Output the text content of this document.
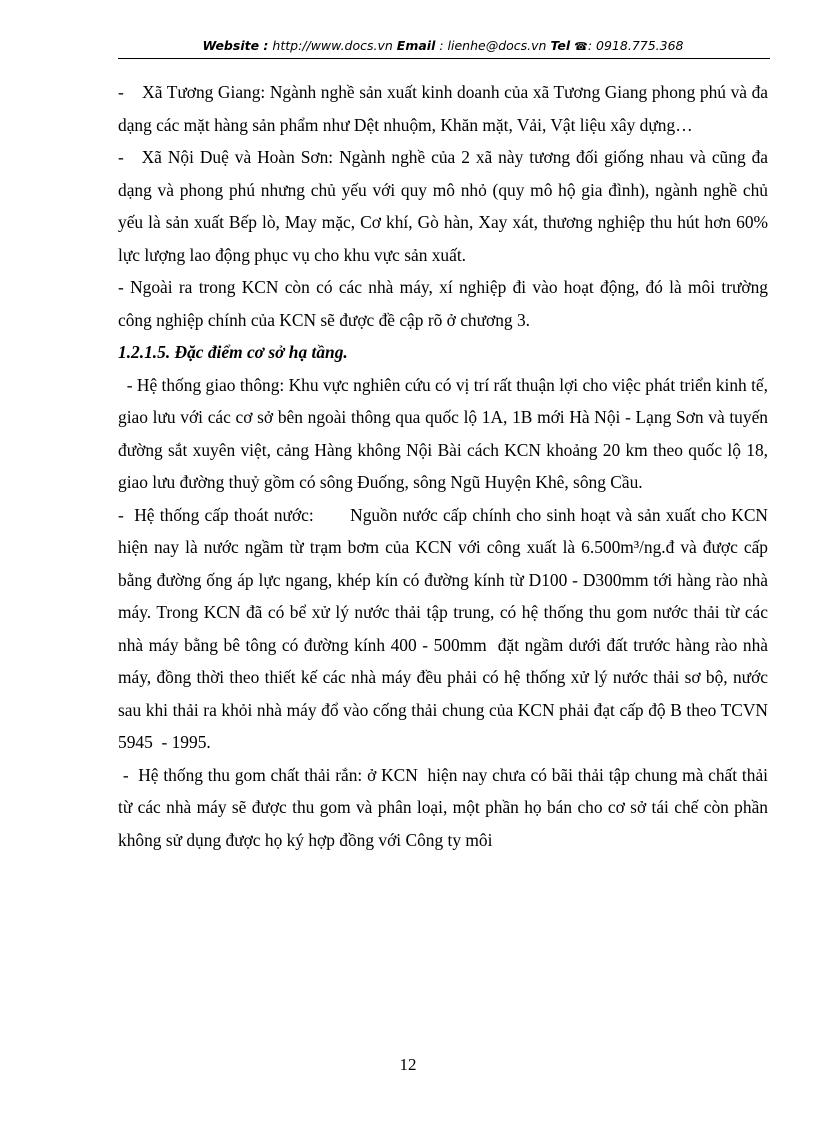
Website : http://www.docs.vn Email : lienhe@docs.vn Tel ☎: 0918.775.368

-    Xã Tương Giang: Ngành nghề sản xuất kinh doanh của xã Tương Giang phong phú và đa dạng các mặt hàng sản phẩm như Dệt nhuộm, Khăn mặt, Vải, Vật liệu xây dựng…

-   Xã Nội Duệ và Hoàn Sơn: Ngành nghề của 2 xã này tương đối giống nhau và cũng đa dạng và phong phú nhưng chủ yếu với quy mô nhỏ (quy mô hộ gia đình), ngành nghề chủ yếu là sản xuất Bếp lò, May mặc, Cơ khí, Gò hàn, Xay xát, thương nghiệp thu hút hơn 60% lực lượng lao động phục vụ cho khu vực sản xuất.

- Ngoài ra trong KCN còn có các nhà máy, xí nghiệp đi vào hoạt động, đó là môi trường công nghiệp chính của KCN sẽ được đề cập rõ ở chương 3.

1.2.1.5. Đặc điểm cơ sở hạ tầng.

- Hệ thống giao thông: Khu vực nghiên cứu có vị trí rất thuận lợi cho việc phát triển kinh tế, giao lưu với các cơ sở bên ngoài thông qua quốc lộ 1A, 1B mới Hà Nội - Lạng Sơn và tuyến đường sắt xuyên việt, cảng Hàng không Nội Bài cách KCN khoảng 20 km theo quốc lộ 18, giao lưu đường thuỷ gồm có sông Đuống, sông Ngũ Huyện Khê, sông Cầu.

-  Hệ thống cấp thoát nước:       Nguồn nước cấp chính cho sinh hoạt và sản xuất cho KCN hiện nay là nước ngầm từ trạm bơm của KCN với công xuất là 6.500m³/ng.đ và được cấp bằng đường ống áp lực ngang, khép kín có đường kính từ D100 - D300mm tới hàng rào nhà máy. Trong KCN đã có bể xử lý nước thải tập trung, có hệ thống thu gom nước thải từ các nhà máy bằng bê tông có đường kính 400 - 500mm  đặt ngầm dưới đất trước hàng rào nhà máy, đồng thời theo thiết kế các nhà máy đều phải có hệ thống xử lý nước thải sơ bộ, nước sau khi thải ra khỏi nhà máy đổ vào cống thải chung của KCN phải đạt cấp độ B theo TCVN 5945  - 1995.

-  Hệ thống thu gom chất thải rắn: ở KCN  hiện nay chưa có bãi thải tập chung mà chất thải từ các nhà máy sẽ được thu gom và phân loại, một phần họ bán cho cơ sở tái chế còn phần không sử dụng được họ ký hợp đồng với Công ty môi

12
